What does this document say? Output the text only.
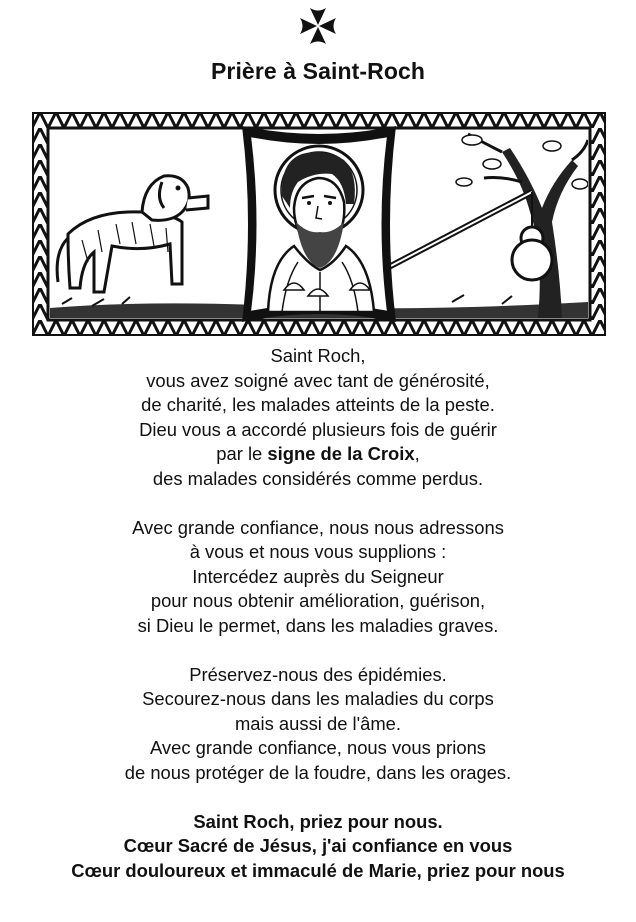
Prière à Saint-Roch
Saint Roch,
vous avez soigné avec tant de générosité,
de charité, les malades atteints de la peste.
Dieu vous a accordé plusieurs fois de guérir
par le signe de la Croix,
des malades considérés comme perdus.
Avec grande confiance, nous nous adressons
à vous et nous vous supplions :
Intercédez auprès du Seigneur
pour nous obtenir amélioration, guérison,
si Dieu le permet, dans les maladies graves.
Préservez-nous des épidémies.
Secourez-nous dans les maladies du corps
mais aussi de l'âme.
Avec grande confiance, nous vous prions
de nous protéger de la foudre, dans les orages.
Saint Roch, priez pour nous.
Cœur Sacré de Jésus, j'ai confiance en vous
Cœur douloureux et immaculé de Marie, priez pour nous
